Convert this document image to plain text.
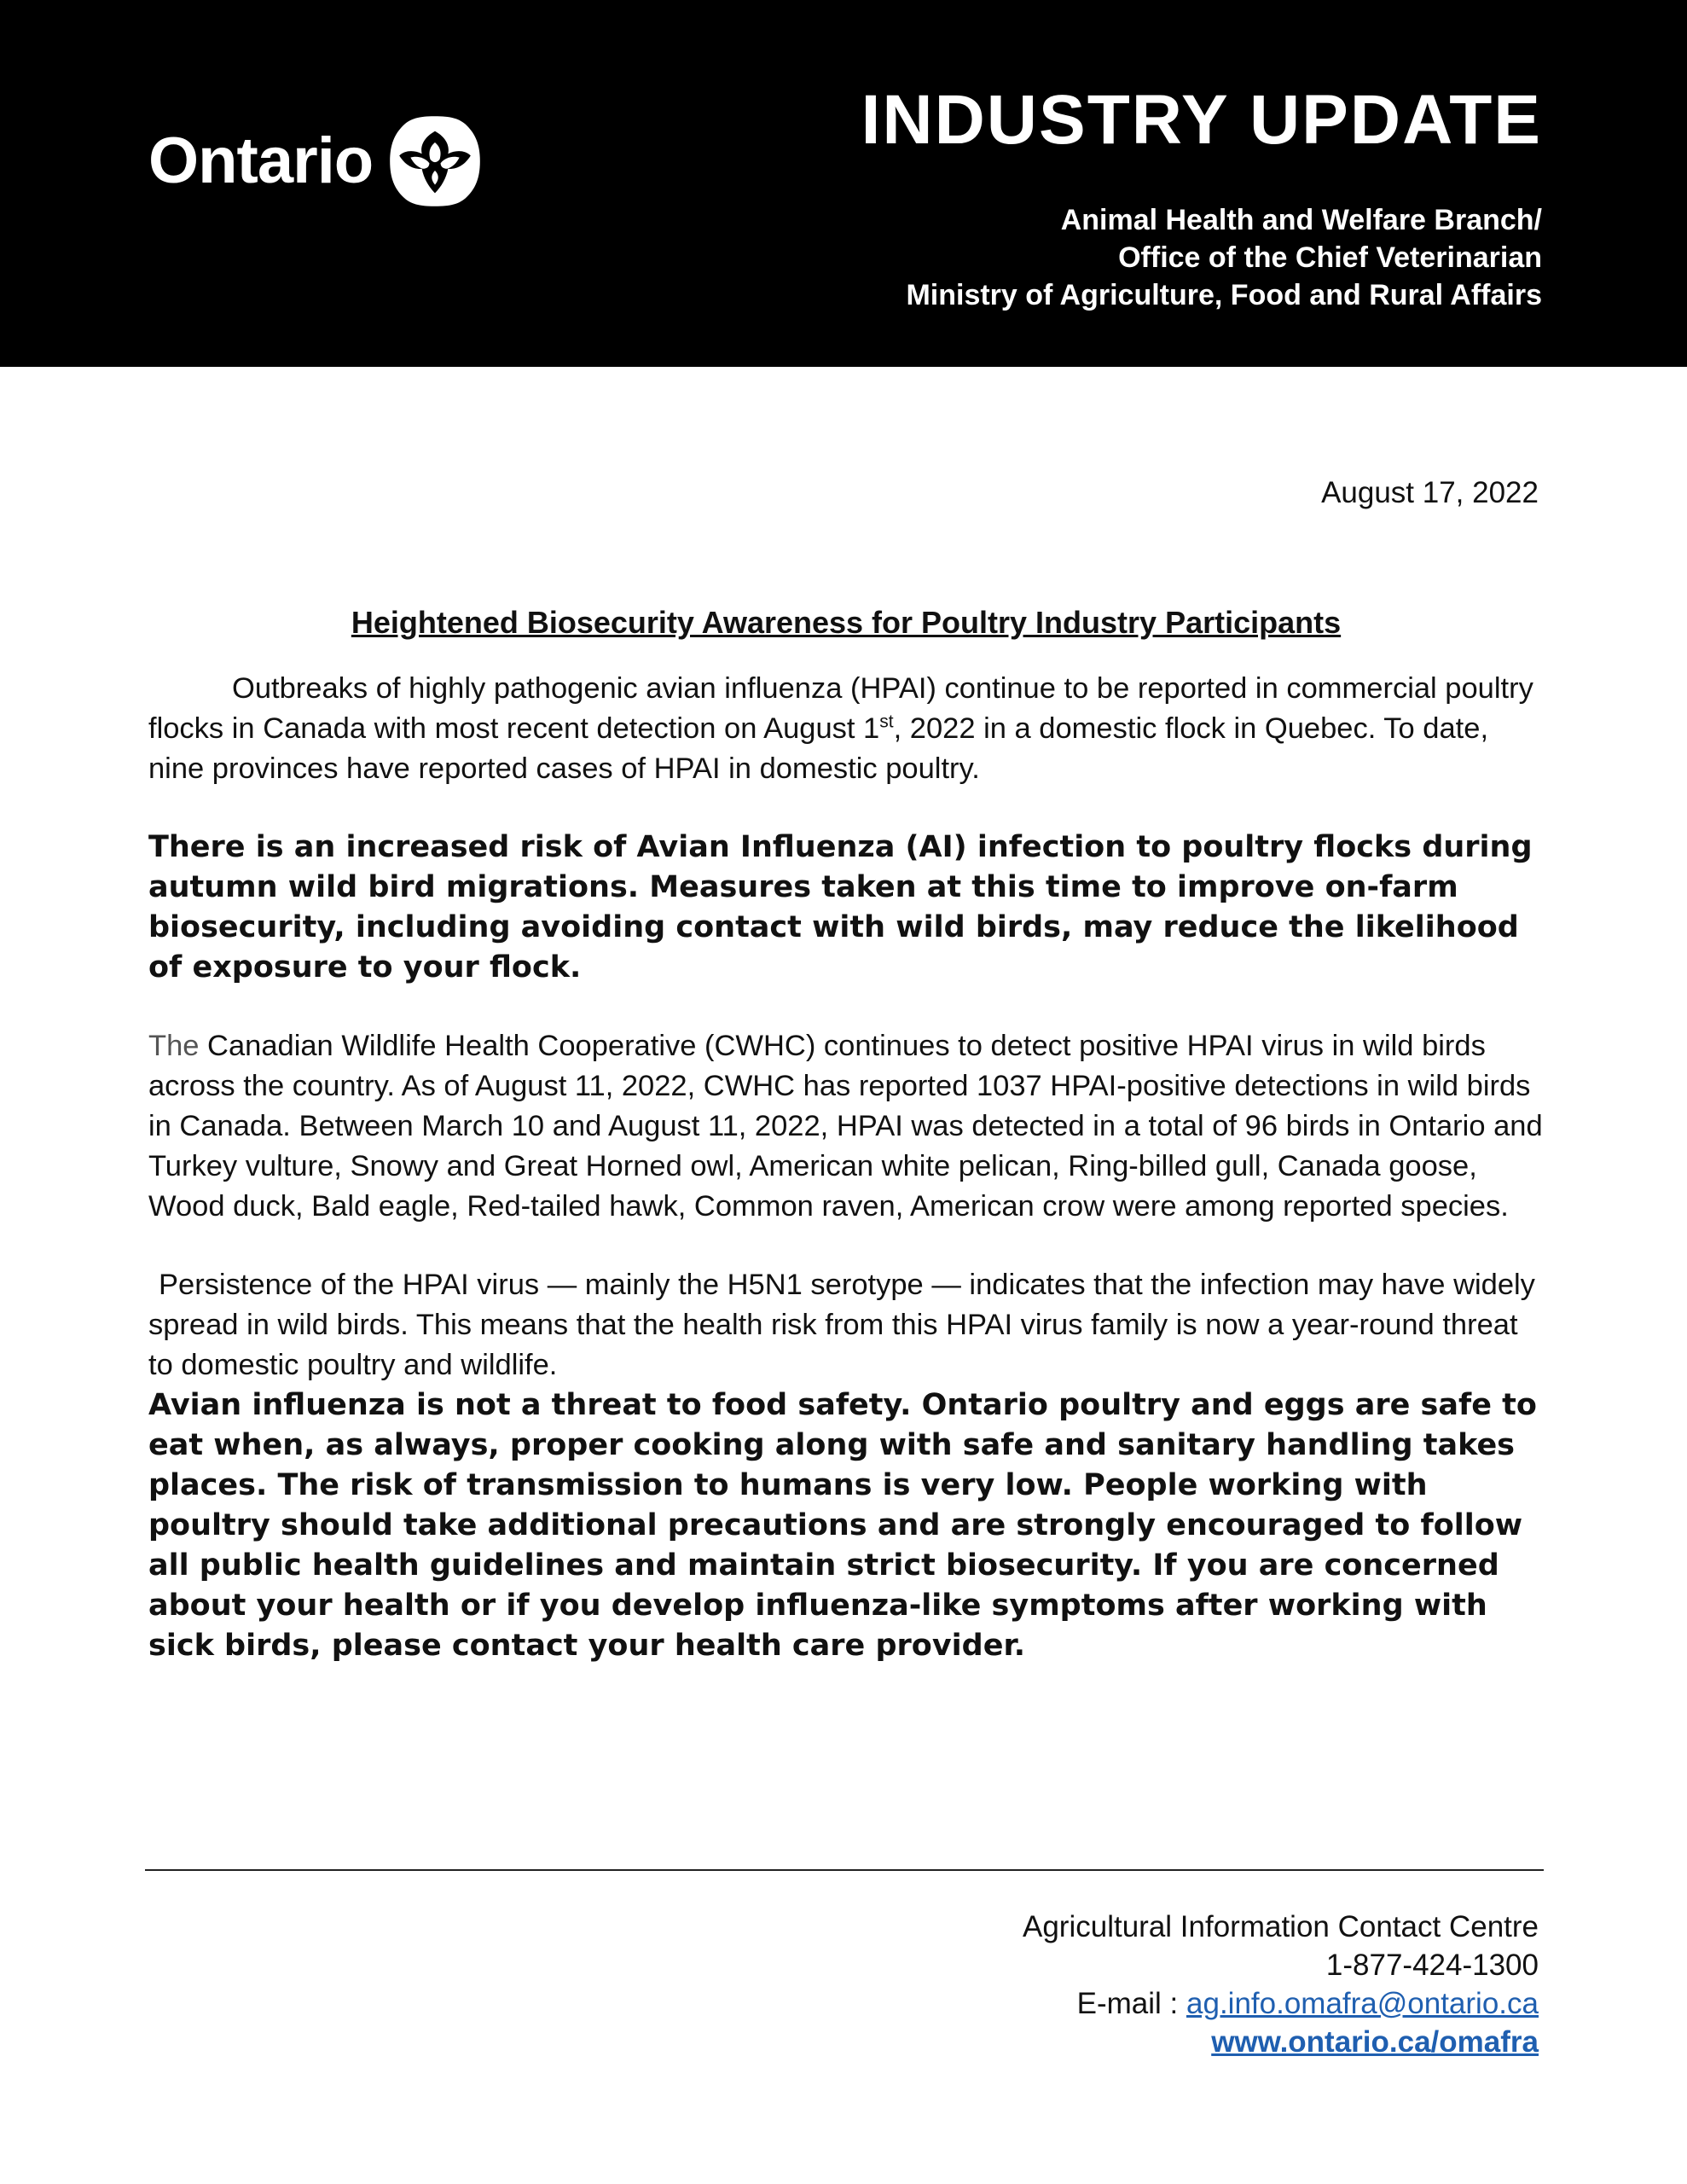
Ontario
INDUSTRY UPDATE
Animal Health and Welfare Branch/
Office of the Chief Veterinarian
Ministry of Agriculture, Food and Rural Affairs
August 17, 2022
Heightened Biosecurity Awareness for Poultry Industry Participants

Outbreaks of highly pathogenic avian influenza (HPAI) continue to be reported in commercial poultry flocks in Canada with most recent detection on August 1st, 2022 in a domestic flock in Quebec. To date, nine provinces have reported cases of HPAI in domestic poultry.

There is an increased risk of Avian Influenza (AI) infection to poultry flocks during autumn wild bird migrations. Measures taken at this time to improve on-farm biosecurity, including avoiding contact with wild birds, may reduce the likelihood of exposure to your flock.

The Canadian Wildlife Health Cooperative (CWHC) continues to detect positive HPAI virus in wild birds across the country. As of August 11, 2022, CWHC has reported 1037 HPAI-positive detections in wild birds in Canada. Between March 10 and August 11, 2022, HPAI was detected in a total of 96 birds in Ontario and Turkey vulture, Snowy and Great Horned owl, American white pelican, Ring-billed gull, Canada goose, Wood duck, Bald eagle, Red-tailed hawk, Common raven, American crow were among reported species.

Persistence of the HPAI virus — mainly the H5N1 serotype — indicates that the infection may have widely spread in wild birds. This means that the health risk from this HPAI virus family is now a year-round threat to domestic poultry and wildlife.

Avian influenza is not a threat to food safety. Ontario poultry and eggs are safe to eat when, as always, proper cooking along with safe and sanitary handling takes places. The risk of transmission to humans is very low. People working with poultry should take additional precautions and are strongly encouraged to follow all public health guidelines and maintain strict biosecurity. If you are concerned about your health or if you develop influenza-like symptoms after working with sick birds, please contact your health care provider.

Agricultural Information Contact Centre
1-877-424-1300
E-mail : ag.info.omafra@ontario.ca
www.ontario.ca/omafra
